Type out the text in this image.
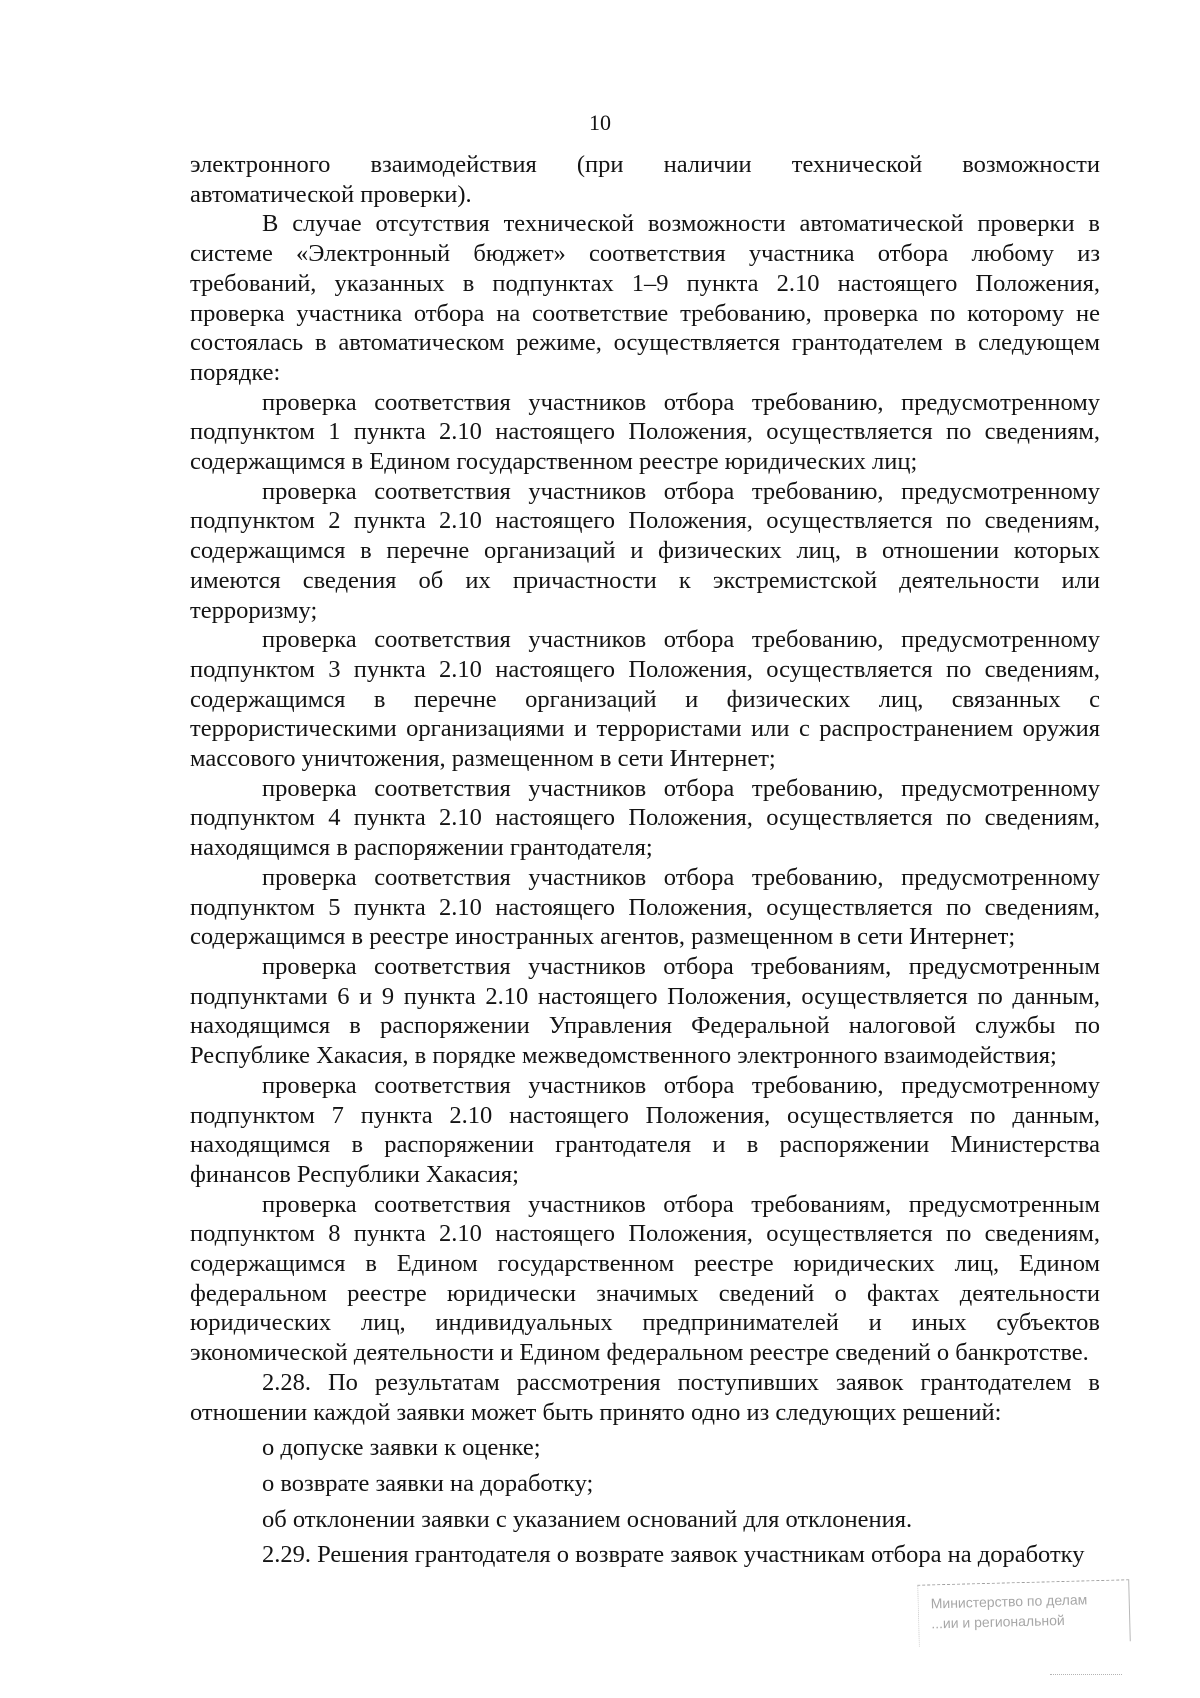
10

электронного взаимодействия (при наличии технической возможности автоматической проверки).

В случае отсутствия технической возможности автоматической проверки в системе «Электронный бюджет» соответствия участника отбора любому из требований, указанных в подпунктах 1–9 пункта 2.10 настоящего Положения, проверка участника отбора на соответствие требованию, проверка по которому не состоялась в автоматическом режиме, осуществляется грантодателем в следующем порядке:

проверка соответствия участников отбора требованию, предусмотренному подпунктом 1 пункта 2.10 настоящего Положения, осуществляется по сведениям, содержащимся в Едином государственном реестре юридических лиц;

проверка соответствия участников отбора требованию, предусмотренному подпунктом 2 пункта 2.10 настоящего Положения, осуществляется по сведениям, содержащимся в перечне организаций и физических лиц, в отношении которых имеются сведения об их причастности к экстремистской деятельности или терроризму;

проверка соответствия участников отбора требованию, предусмотренному подпунктом 3 пункта 2.10 настоящего Положения, осуществляется по сведениям, содержащимся в перечне организаций и физических лиц, связанных с террористическими организациями и террористами или с распространением оружия массового уничтожения, размещенном в сети Интернет;

проверка соответствия участников отбора требованию, предусмотренному подпунктом 4 пункта 2.10 настоящего Положения, осуществляется по сведениям, находящимся в распоряжении грантодателя;

проверка соответствия участников отбора требованию, предусмотренному подпунктом 5 пункта 2.10 настоящего Положения, осуществляется по сведениям, содержащимся в реестре иностранных агентов, размещенном в сети Интернет;

проверка соответствия участников отбора требованиям, предусмотренным подпунктами 6 и 9 пункта 2.10 настоящего Положения, осуществляется по данным, находящимся в распоряжении Управления Федеральной налоговой службы по Республике Хакасия, в порядке межведомственного электронного взаимодействия;

проверка соответствия участников отбора требованию, предусмотренному подпунктом 7 пункта 2.10 настоящего Положения, осуществляется по данным, находящимся в распоряжении грантодателя и в распоряжении Министерства финансов Республики Хакасия;

проверка соответствия участников отбора требованиям, предусмотренным подпунктом 8 пункта 2.10 настоящего Положения, осуществляется по сведениям, содержащимся в Едином государственном реестре юридических лиц, Едином федеральном реестре юридически значимых сведений о фактах деятельности юридических лиц, индивидуальных предпринимателей и иных субъектов экономической деятельности и Едином федеральном реестре сведений о банкротстве.

2.28. По результатам рассмотрения поступивших заявок грантодателем в отношении каждой заявки может быть принято одно из следующих решений:

о допуске заявки к оценке;

о возврате заявки на доработку;

об отклонении заявки с указанием оснований для отклонения.

2.29. Решения грантодателя о возврате заявок участникам отбора на доработку

Министерство по делам
...ии и региональной
